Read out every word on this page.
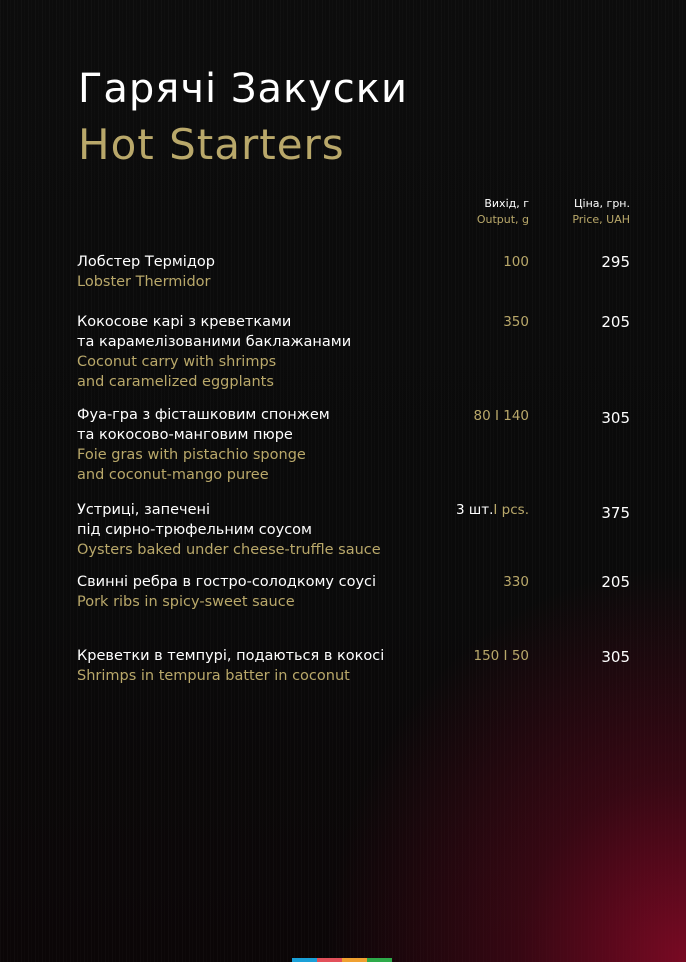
Гарячі Закуски
Hot Starters
Вихід, г
Output, g
Ціна, грн.
Price, UAH
Лобстер Термідор
Lobster Thermidor
100	295
Кокосове карі з креветками
та карамелізованими баклажанами
Coconut carry with shrimps
and caramelized eggplants
350	205
Фуа-гра з фісташковим спонжем
та кокосово-манговим пюре
Foie gras with pistachio sponge
and coconut-mango puree
80 I 140	305
Устриці, запечені
під сирно-трюфельним соусом
Oysters baked under cheese-truffle sauce
3 шт.I pcs.	375
Свинні ребра в гостро-солодкому соусі
Pork ribs in spicy-sweet sauce
330	205
Креветки в темпурі, подаються в кокосі
Shrimps in tempura batter in coconut
150 I 50	305
